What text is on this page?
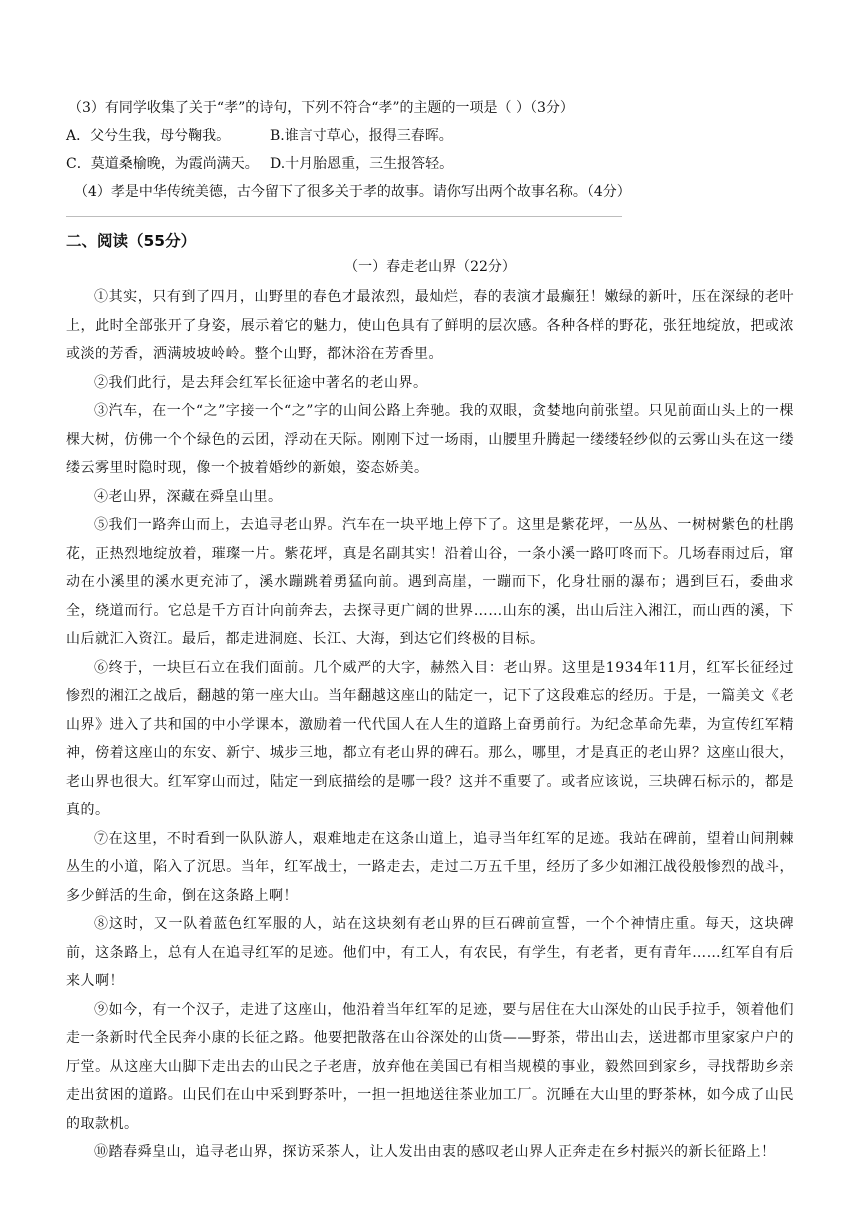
（3）有同学收集了关于“孝”的诗句，下列不符合“孝”的主题的一项是（ ）（3分）
A．父兮生我，母兮鞠我。	B.谁言寸草心，报得三春晖。
C．莫道桑榆晚，为霞尚满天。 D.十月胎恩重，三生报答轻。
（4）孝是中华传统美德，古今留下了很多关于孝的故事。请你写出两个故事名称。（4分）
二、阅读（55分）
（一）春走老山界（22分）

①其实，只有到了四月，山野里的春色才最浓烈，最灿烂，春的表演才最癫狂！嫩绿的新叶，压在深绿的老叶上，此时全部张开了身姿，展示着它的魅力，使山色具有了鲜明的层次感。各种各样的野花，张狂地绽放，把或浓或淡的芳香，洒满坡坡岭岭。整个山野，都沐浴在芳香里。

②我们此行，是去拜会红军长征途中著名的老山界。

③汽车，在一个“之”字接一个“之”字的山间公路上奔驰。我的双眼，贪婪地向前张望。只见前面山头上的一棵棵大树，仿佛一个个绿色的云团，浮动在天际。刚刚下过一场雨，山腰里升腾起一缕缕轻纱似的云雾山头在这一缕缕云雾里时隐时现，像一个披着婚纱的新娘，姿态娇美。

④老山界，深藏在舜皇山里。

⑤我们一路奔山而上，去追寻老山界。汽车在一块平地上停下了。这里是紫花坪，一丛丛、一树树紫色的杜鹃花，正热烈地绽放着，璀璨一片。紫花坪，真是名副其实！沿着山谷，一条小溪一路叮咚而下。几场春雨过后，窜动在小溪里的溪水更充沛了，溪水蹦跳着勇猛向前。遇到高崖，一蹦而下，化身壮丽的瀑布；遇到巨石，委曲求全，绕道而行。它总是千方百计向前奔去，去探寻更广阔的世界……山东的溪，出山后注入湘江，而山西的溪，下山后就汇入资江。最后，都走进洞庭、长江、大海，到达它们终极的目标。

⑥终于，一块巨石立在我们面前。几个威严的大字，赫然入目：老山界。这里是1934年11月，红军长征经过惨烈的湘江之战后，翻越的第一座大山。当年翻越这座山的陆定一，记下了这段难忘的经历。于是，一篇美文《老山界》进入了共和国的中小学课本，激励着一代代国人在人生的道路上奋勇前行。为纪念革命先辈，为宣传红军精神，傍着这座山的东安、新宁、城步三地，都立有老山界的碑石。那么，哪里，才是真正的老山界？这座山很大，老山界也很大。红军穿山而过，陆定一到底描绘的是哪一段？这并不重要了。或者应该说，三块碑石标示的，都是真的。

⑦在这里，不时看到一队队游人，艰难地走在这条山道上，追寻当年红军的足迹。我站在碑前，望着山间荆棘丛生的小道，陷入了沉思。当年，红军战士，一路走去，走过二万五千里，经历了多少如湘江战役般惨烈的战斗，多少鲜活的生命，倒在这条路上啊！

⑧这时，又一队着蓝色红军服的人，站在这块刻有老山界的巨石碑前宣誓，一个个神情庄重。每天，这块碑前，这条路上，总有人在追寻红军的足迹。他们中，有工人，有农民，有学生，有老者，更有青年……红军自有后来人啊！

⑨如今，有一个汉子，走进了这座山，他沿着当年红军的足迹，要与居住在大山深处的山民手拉手，领着他们走一条新时代全民奔小康的长征之路。他要把散落在山谷深处的山货——野茶，带出山去，送进都市里家家户户的厅堂。从这座大山脚下走出去的山民之子老唐，放弃他在美国已有相当规模的事业，毅然回到家乡，寻找帮助乡亲走出贫困的道路。山民们在山中采到野茶叶，一担一担地送往茶业加工厂。沉睡在大山里的野茶林，如今成了山民的取款机。

⑩踏春舜皇山，追寻老山界，探访采茶人，让人发出由衷的感叹老山界人正奔走在乡村振兴的新长征路上！
